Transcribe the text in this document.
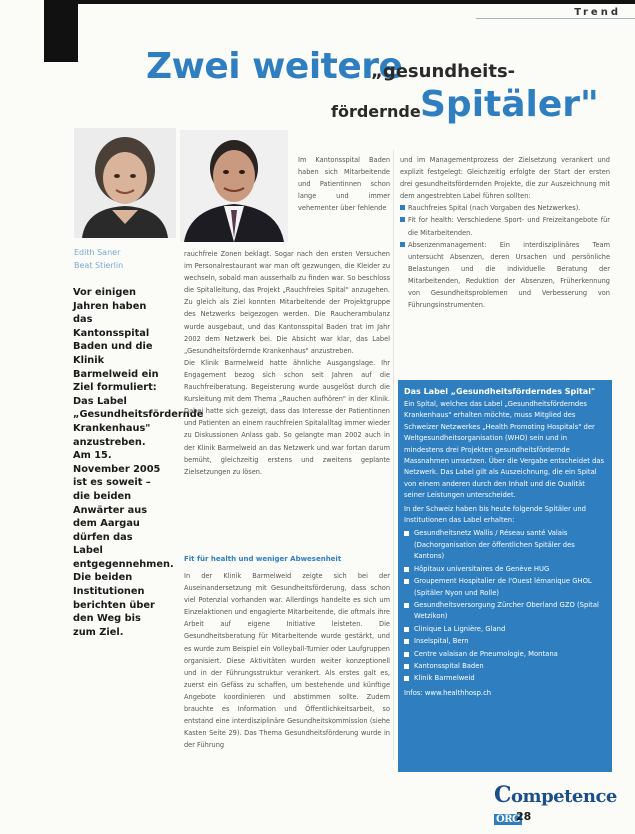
Trend
Zwei weitere
„gesundheits-
fördernde Spitäler"
Edith Saner
Beat Stierlin
Vor einigen Jahren haben das Kantonsspital Baden und die Klinik Barmelweid ein Ziel formuliert: Das Label „Gesundheitsfördernde Krankenhaus" anzustreben. Am 15. November 2005 ist es soweit – die beiden Anwärter aus dem Aargau dürfen das Label entgegennehmen. Die beiden Institutionen berichten über den Weg bis zum Ziel.
Im Kantonsspital Baden haben sich Mitarbeitende und Patientinnen schon lange und immer vehementer über fehlende

rauchfreie Zonen beklagt. Sogar nach den ersten Versuchen im Personalrestaurant war man oft gezwungen, die Kleider zu wechseln, sobald man ausserhalb zu finden war. So beschloss die Spitalleitung, das Projekt „Rauchfreies Spital" anzugehen. Zu gleich als Ziel konnten Mitarbeitende der Projektgruppe des Netzwerks beigezogen werden. Die Raucherambulanz wurde ausgebaut, und das Kantonsspital Baden trat im Jahr 2002 dem Netzwerk bei. Die Absicht war klar, das Label „Gesundheitsfördernde Krankenhaus" anzustreben.

Die Klinik Barmelweid hatte ähnliche Ausgangslage. Ihr Engagement bezog sich schon seit Jahren auf die Rauchfreiberatung. Begeisterung wurde ausgelöst durch die Kursleitung mit dem Thema „Rauchen aufhören" in der Klinik. Dabei hatte sich gezeigt, dass das Interesse der Patientinnen und Patienten an einem rauchfreien Spitalalltag immer wieder zu Diskussionen Anlass gab. So gelangte man 2002 auch in der Klinik Barmelweid an das Netzwerk und war fortan darum bemüht, gleichzeitig erstens und zweitens geplante Zielsetzungen zu lösen.

Fit für health und weniger Abwesenheit
In der Klinik Barmelweid zeigte sich bei der Auseinandersetzung mit Gesundheitsförderung, dass schon viel Potenzial vorhanden war. Allerdings handelte es sich um Einzelaktionen und engagierte Mitarbeitende, die oftmals ihre Arbeit auf eigene Initiative leisteten. Die Gesundheitsberatung für Mitarbeitende wurde gestärkt, und es wurde zum Beispiel ein Volleyball-Turnier oder Laufgruppen organisiert. Diese Aktivitäten wurden weiter konzeptionell und in der Führungsstruktur verankert. Als erstes galt es, zuerst ein Gefäss zu schaffen, um bestehende und künftige Angebote koordinieren und abstimmen sollte. Zudem brauchte es Information und Öffentlichkeitsarbeit, so entstand eine interdisziplinäre Gesundheitskommission (siehe Kasten Seite 29). Das Thema Gesundheitsförderung wurde in der Führung

und im Managementprozess der Zielsetzung verankert und explizit festgelegt: Gleichzeitig erfolgte der Start der ersten drei gesundheitsfördernden Projekte, die zur Auszeichnung mit dem angestrebten Label führen sollten:

Rauchfreies Spital (nach Vorgaben des Netzwerkes).
Fit for health: Verschiedene Sport- und Freizeitangebote für die Mitarbeitenden.
Absenzenmanagement: Ein interdisziplinäres Team untersucht Absenzen, deren Ursachen und persönliche Belastungen und die individuelle Beratung der Mitarbeitenden, Reduktion der Absenzen, Früherkennung von Gesundheitsproblemen und Verbesserung von Führungsinstrumenten.
Das Label „Gesundheitsförderndes Spital"
Ein Spital, welches das Label „Gesundheitsförderndes Krankenhaus" erhalten möchte, muss Mitglied des Schweizer Netzwerkes „Health Promoting Hospitals" der Weltgesundheitsorganisation (WHO) sein und in mindestens drei Projekten gesundheitsfördernde Massnahmen umsetzen. Über die Vergabe entscheidet das Netzwerk. Das Label gilt als Auszeichnung, die ein Spital von einem anderen durch den Inhalt und die Qualität seiner Leistungen unterscheidet.
In der Schweiz haben bis heute folgende Spitäler und Institutionen das Label erhalten:
Gesundheitsnetz Wallis / Réseau santé Valais (Dachorganisation der öffentlichen Spitäler des Kantons)
Hôpitaux universitaires de Genève HUG
Groupement Hospitalier de l'Ouest lémanique GHOL (Spitäler Nyon und Rolle)
Gesundheitsversorgung Zürcher Oberland GZO (Spital Wetzikon)
Clinique La Lignière, Gland
Inselspital, Bern
Centre valaisan de Pneumologie, Montana
Kantonsspital Baden
Klinik Barmelweid
Infos: www.healthhosp.ch
Competence ORG
28
